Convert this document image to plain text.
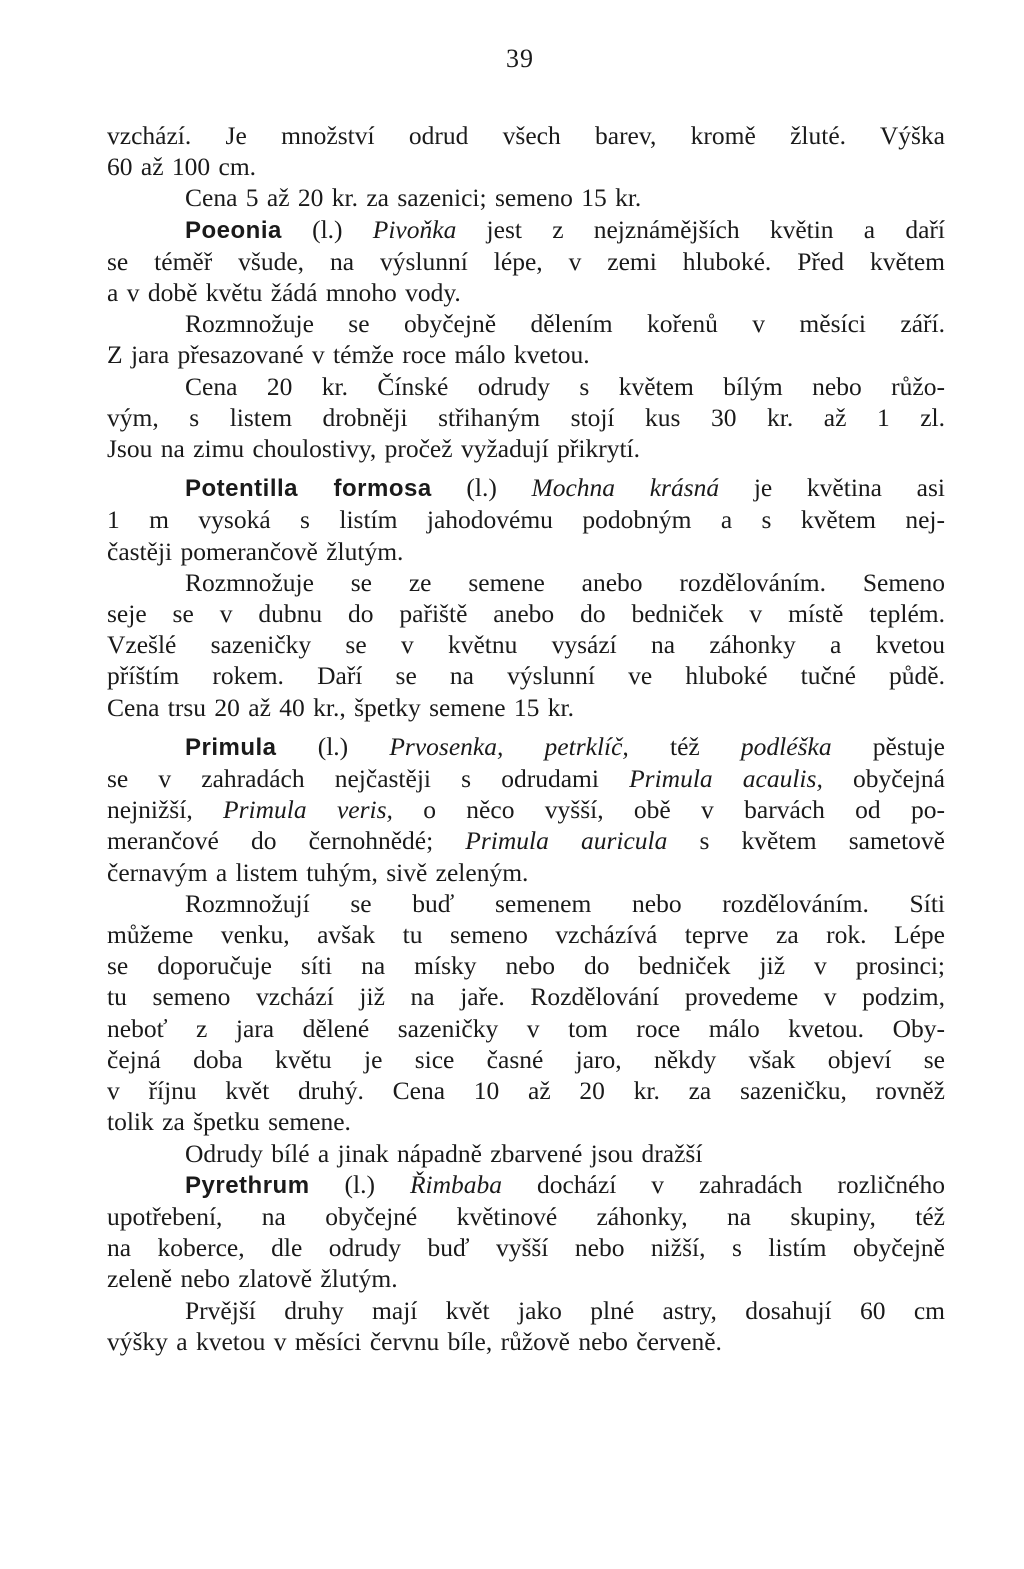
39
vzchází. Je množství odrud všech barev, kromě žluté. Výška
60 až 100 cm.
Cena 5 až 20 kr. za sazenici; semeno 15 kr.
Poeonia (l.) Pivoňka jest z nejznámějších květin a daří
se téměř všude, na výslunní lépe, v zemi hluboké. Před květem
a v době květu žádá mnoho vody.
Rozmnožuje se obyčejně dělením kořenů v měsíci září.
Z jara přesazované v témže roce málo kvetou.
Cena 20 kr. Čínské odrudy s květem bílým nebo růžo-
vým, s listem drobněji střihaným stojí kus 30 kr. až 1 zl.
Jsou na zimu choulostivy, pročež vyžadují přikrytí.
Potentilla formosa (l.) Mochna krásná je květina asi
1 m vysoká s listím jahodovému podobným a s květem nej-
častěji pomerančově žlutým.
Rozmnožuje se ze semene anebo rozdělováním. Semeno
seje se v dubnu do pařiště anebo do bedniček v místě teplém.
Vzešlé sazeničky se v květnu vysází na záhonky a kvetou
příštím rokem. Daří se na výslunní ve hluboké tučné půdě.
Cena trsu 20 až 40 kr., špetky semene 15 kr.
Primula (l.) Prvosenka, petrklíč, též podléška pěstuje
se v zahradách nejčastěji s odrudami Primula acaulis, obyčejná
nejnižší, Primula veris, o něco vyšší, obě v barvách od po-
merančové do černohnědé; Primula auricula s květem sametově
černavým a listem tuhým, sivě zeleným.
Rozmnožují se buď semenem nebo rozdělováním. Síti
můžeme venku, avšak tu semeno vzcházívá teprve za rok. Lépe
se doporučuje síti na mísky nebo do bedniček již v prosinci;
tu semeno vzchází již na jaře. Rozdělování provedeme v podzim,
neboť z jara dělené sazeničky v tom roce málo kvetou. Oby-
čejná doba květu je sice časné jaro, někdy však objeví se
v říjnu květ druhý. Cena 10 až 20 kr. za sazeničku, rovněž
tolik za špetku semene.
Odrudy bílé a jinak nápadně zbarvené jsou dražší
Pyrethrum (l.) Řimbaba dochází v zahradách rozličného
upotřebení, na obyčejné květinové záhonky, na skupiny, též
na koberce, dle odrudy buď vyšší nebo nižší, s listím obyčejně
zeleně nebo zlatově žlutým.
Prvější druhy mají květ jako plné astry, dosahují 60 cm
výšky a kvetou v měsíci červnu bíle, růžově nebo červeně.
